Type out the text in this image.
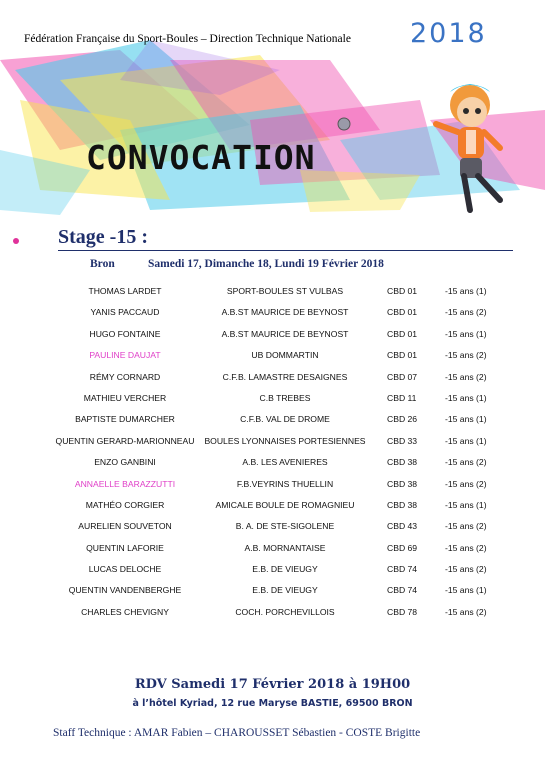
Fédération Française du Sport-Boules – Direction Technique Nationale 2018
CONVOCATION
Stage -15 :
Bron	Samedi 17, Dimanche 18, Lundi 19 Février 2018
THOMAS LARDET	SPORT-BOULES ST VULBAS	CBD 01	-15 ans (1)
YANIS PACCAUD	A.B.ST MAURICE DE BEYNOST	CBD 01	-15 ans (2)
HUGO FONTAINE	A.B.ST MAURICE DE BEYNOST	CBD 01	-15 ans (1)
PAULINE DAUJAT	UB DOMMARTIN	CBD 01	-15 ans (2)
RÉMY CORNARD	C.F.B. LAMASTRE DESAIGNES	CBD 07	-15 ans (2)
MATHIEU VERCHER	C.B TREBES	CBD 11	-15 ans (1)
BAPTISTE DUMARCHER	C.F.B. VAL DE DROME	CBD 26	-15 ans (1)
QUENTIN GERARD-MARIONNEAU	BOULES LYONNAISES PORTESIENNES	CBD 33	-15 ans (1)
ENZO GANBINI	A.B. LES AVENIERES	CBD 38	-15 ans (2)
ANNAELLE BARAZZUTTI	F.B.VEYRINS THUELLIN	CBD 38	-15 ans (2)
MATHÉO CORGIER	AMICALE BOULE DE ROMAGNIEU	CBD 38	-15 ans (1)
AURELIEN SOUVETON	B. A. DE STE-SIGOLENE	CBD 43	-15 ans (2)
QUENTIN LAFORIE	A.B. MORNANTAISE	CBD 69	-15 ans (2)
LUCAS DELOCHE	E.B. DE VIEUGY	CBD 74	-15 ans (2)
QUENTIN VANDENBERGHE	E.B. DE VIEUGY	CBD 74	-15 ans (1)
CHARLES CHEVIGNY	COCH. PORCHEVILLOIS	CBD 78	-15 ans (2)
RDV Samedi 17 Février 2018 à 19H00
à l’hôtel Kyriad, 12 rue Maryse BASTIE, 69500 BRON
Staff Technique : AMAR Fabien – CHAROUSSET Sébastien - COSTE Brigitte
